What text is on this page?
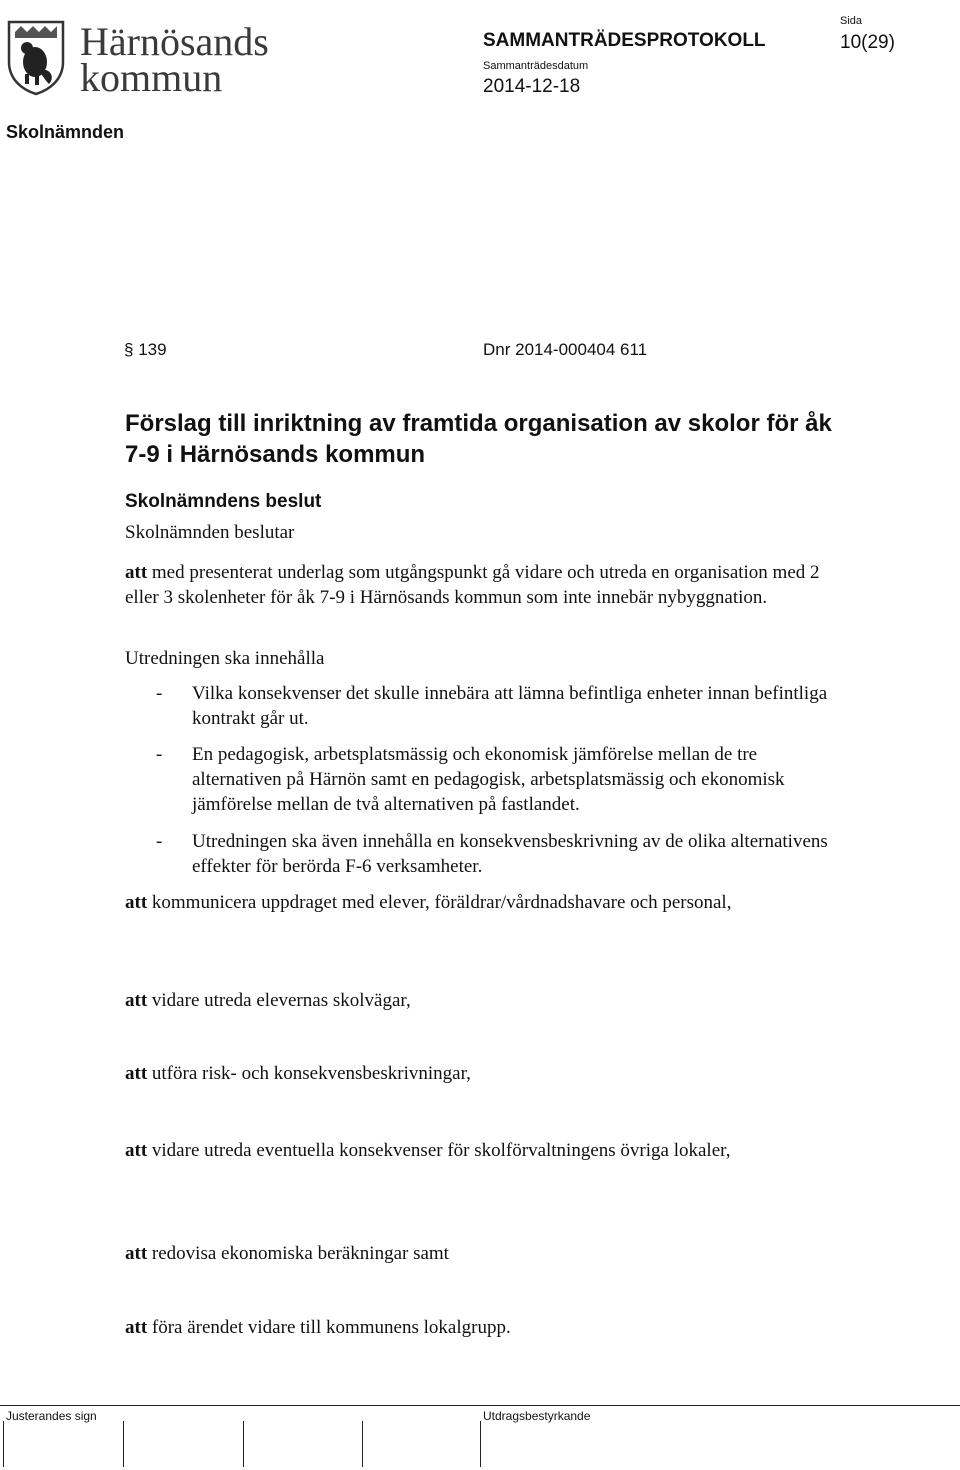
Härnösands
kommun
SAMMANTRÄDESPROTOKOLL
Sammanträdesdatum
2014-12-18
Sida
10(29)
Skolnämnden
§ 139	Dnr 2014-000404 611
Förslag till inriktning av framtida organisation av skolor för åk 7-9 i Härnösands kommun
Skolnämndens beslut
Skolnämnden beslutar
att med presenterat underlag som utgångspunkt gå vidare och utreda en organisation med 2 eller 3 skolenheter för åk 7-9 i Härnösands kommun som inte innebär nybyggnation.
Utredningen ska innehålla
- Vilka konsekvenser det skulle innebära att lämna befintliga enheter innan befintliga kontrakt går ut.
- En pedagogisk, arbetsplatsmässig och ekonomisk jämförelse mellan de tre alternativen på Härnön samt en pedagogisk, arbetsplatsmässig och ekonomisk jämförelse mellan de två alternativen på fastlandet.
- Utredningen ska även innehålla en konsekvensbeskrivning av de olika alternativens effekter för berörda F-6 verksamheter.
att kommunicera uppdraget med elever, föräldrar/vårdnadshavare och personal,
att vidare utreda elevernas skolvägar,
att utföra risk- och konsekvensbeskrivningar,
att vidare utreda eventuella konsekvenser för skolförvaltningens övriga lokaler,
att redovisa ekonomiska beräkningar samt
att föra ärendet vidare till kommunens lokalgrupp.
Justerandes sign	Utdragsbestyrkande
